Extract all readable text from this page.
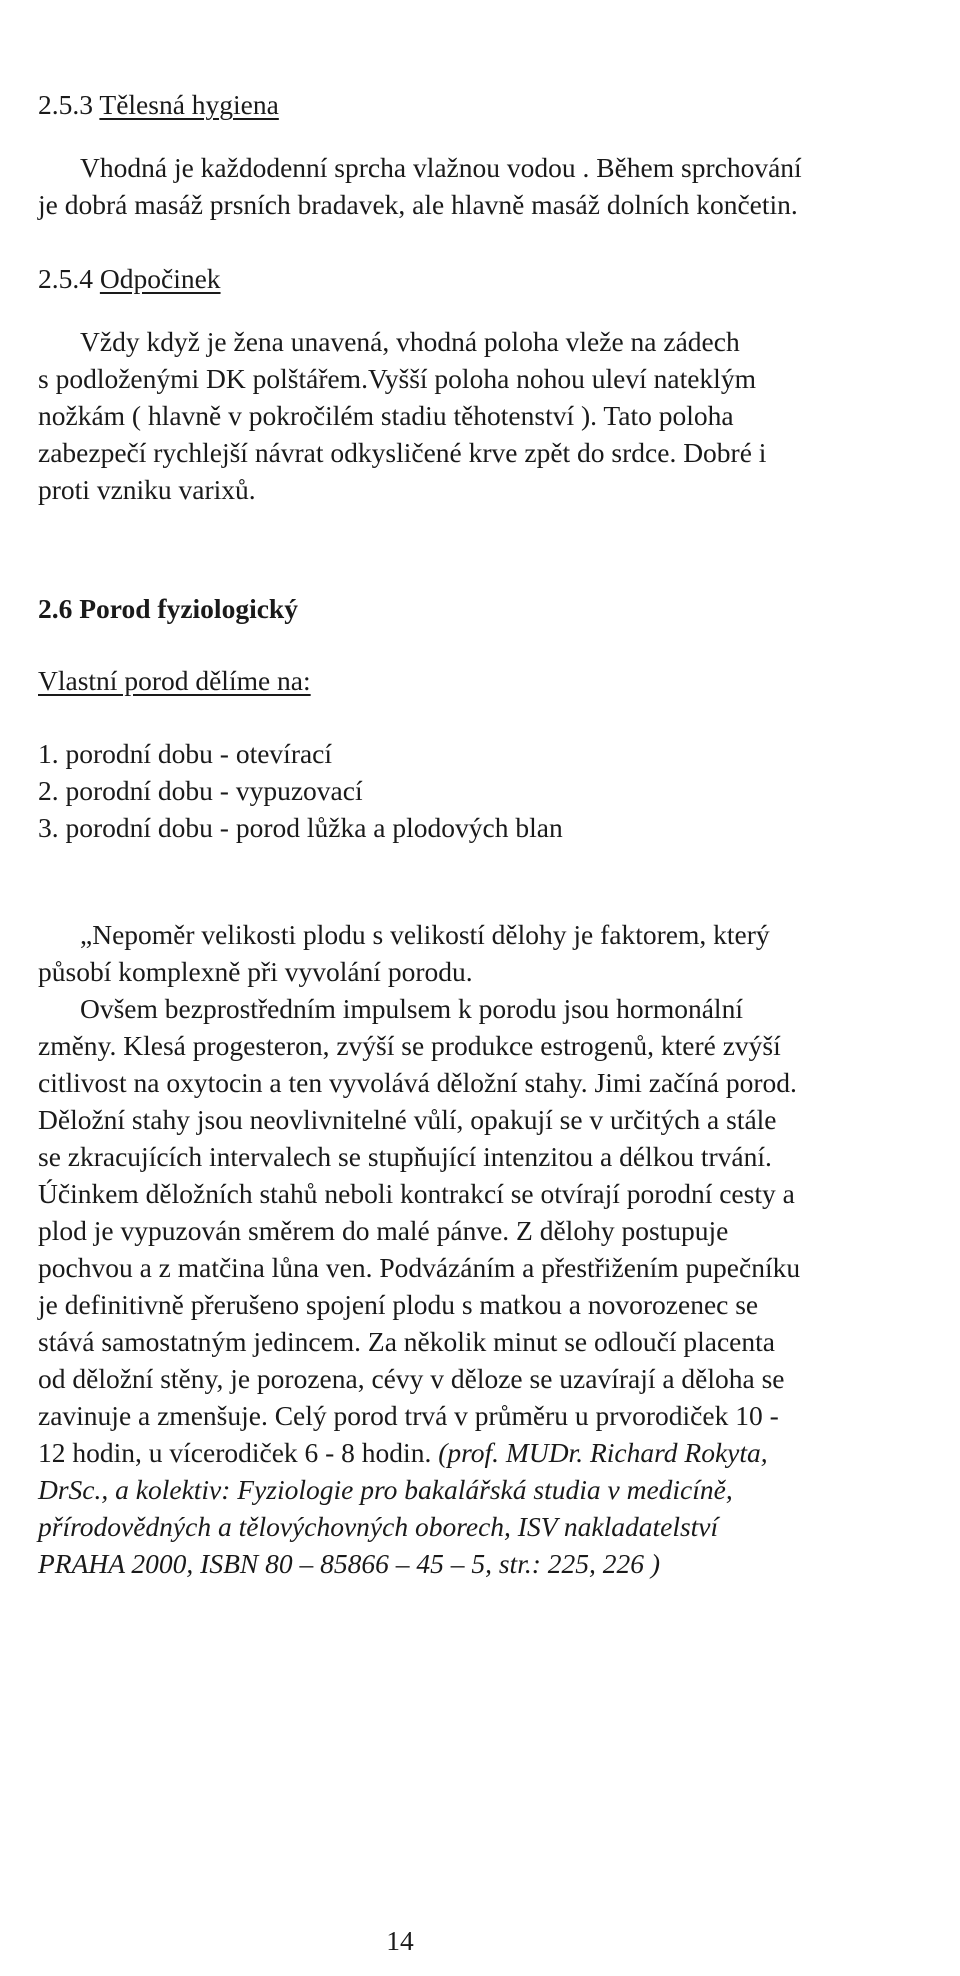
2.5.3 Tělesná hygiena
Vhodná je každodenní sprcha vlažnou vodou . Během sprchování
je dobrá masáž prsních bradavek, ale hlavně masáž dolních končetin.
2.5.4 Odpočinek
Vždy když je žena unavená, vhodná poloha vleže na zádech
s podloženými DK polštářem.Vyšší poloha nohou uleví nateklým
nožkám ( hlavně v pokročilém stadiu těhotenství ). Tato poloha
zabezpečí rychlejší návrat odkysličené krve zpět do srdce. Dobré i
proti vzniku varixů.
2.6 Porod fyziologický
Vlastní porod dělíme na:
1. porodní dobu - otevírací
2. porodní dobu - vypuzovací
3. porodní dobu - porod lůžka a plodových blan
„Nepoměr velikosti plodu s velikostí dělohy je faktorem, který
působí komplexně při vyvolání porodu.
Ovšem bezprostředním impulsem k porodu jsou hormonální
změny. Klesá progesteron, zvýší se produkce estrogenů, které zvýší
citlivost na oxytocin a ten vyvolává děložní stahy. Jimi začíná porod.
Děložní stahy jsou neovlivnitelné vůlí, opakují se v určitých a stále
se zkracujících intervalech se stupňující intenzitou a délkou trvání.
Účinkem děložních stahů neboli kontrakcí se otvírají porodní cesty a
plod je vypuzován směrem do malé pánve. Z dělohy postupuje
pochvou a z matčina lůna ven. Podvázáním a přestřižením pupečníku
je definitivně přerušeno spojení plodu s matkou a novorozenec se
stává samostatným jedincem. Za několik minut se odloučí placenta
od děložní stěny, je porozena, cévy v děloze se uzavírají a děloha se
zavinuje a zmenšuje. Celý porod trvá v průměru u prvorodiček 10 -
12 hodin, u vícerodiček 6 - 8 hodin. (prof. MUDr. Richard Rokyta,
DrSc., a kolektiv: Fyziologie pro bakalářská studia v medicíně,
přírodovědných a tělovýchovných oborech, ISV nakladatelství
PRAHA 2000, ISBN 80 – 85866 – 45 – 5, str.: 225, 226 )
14
